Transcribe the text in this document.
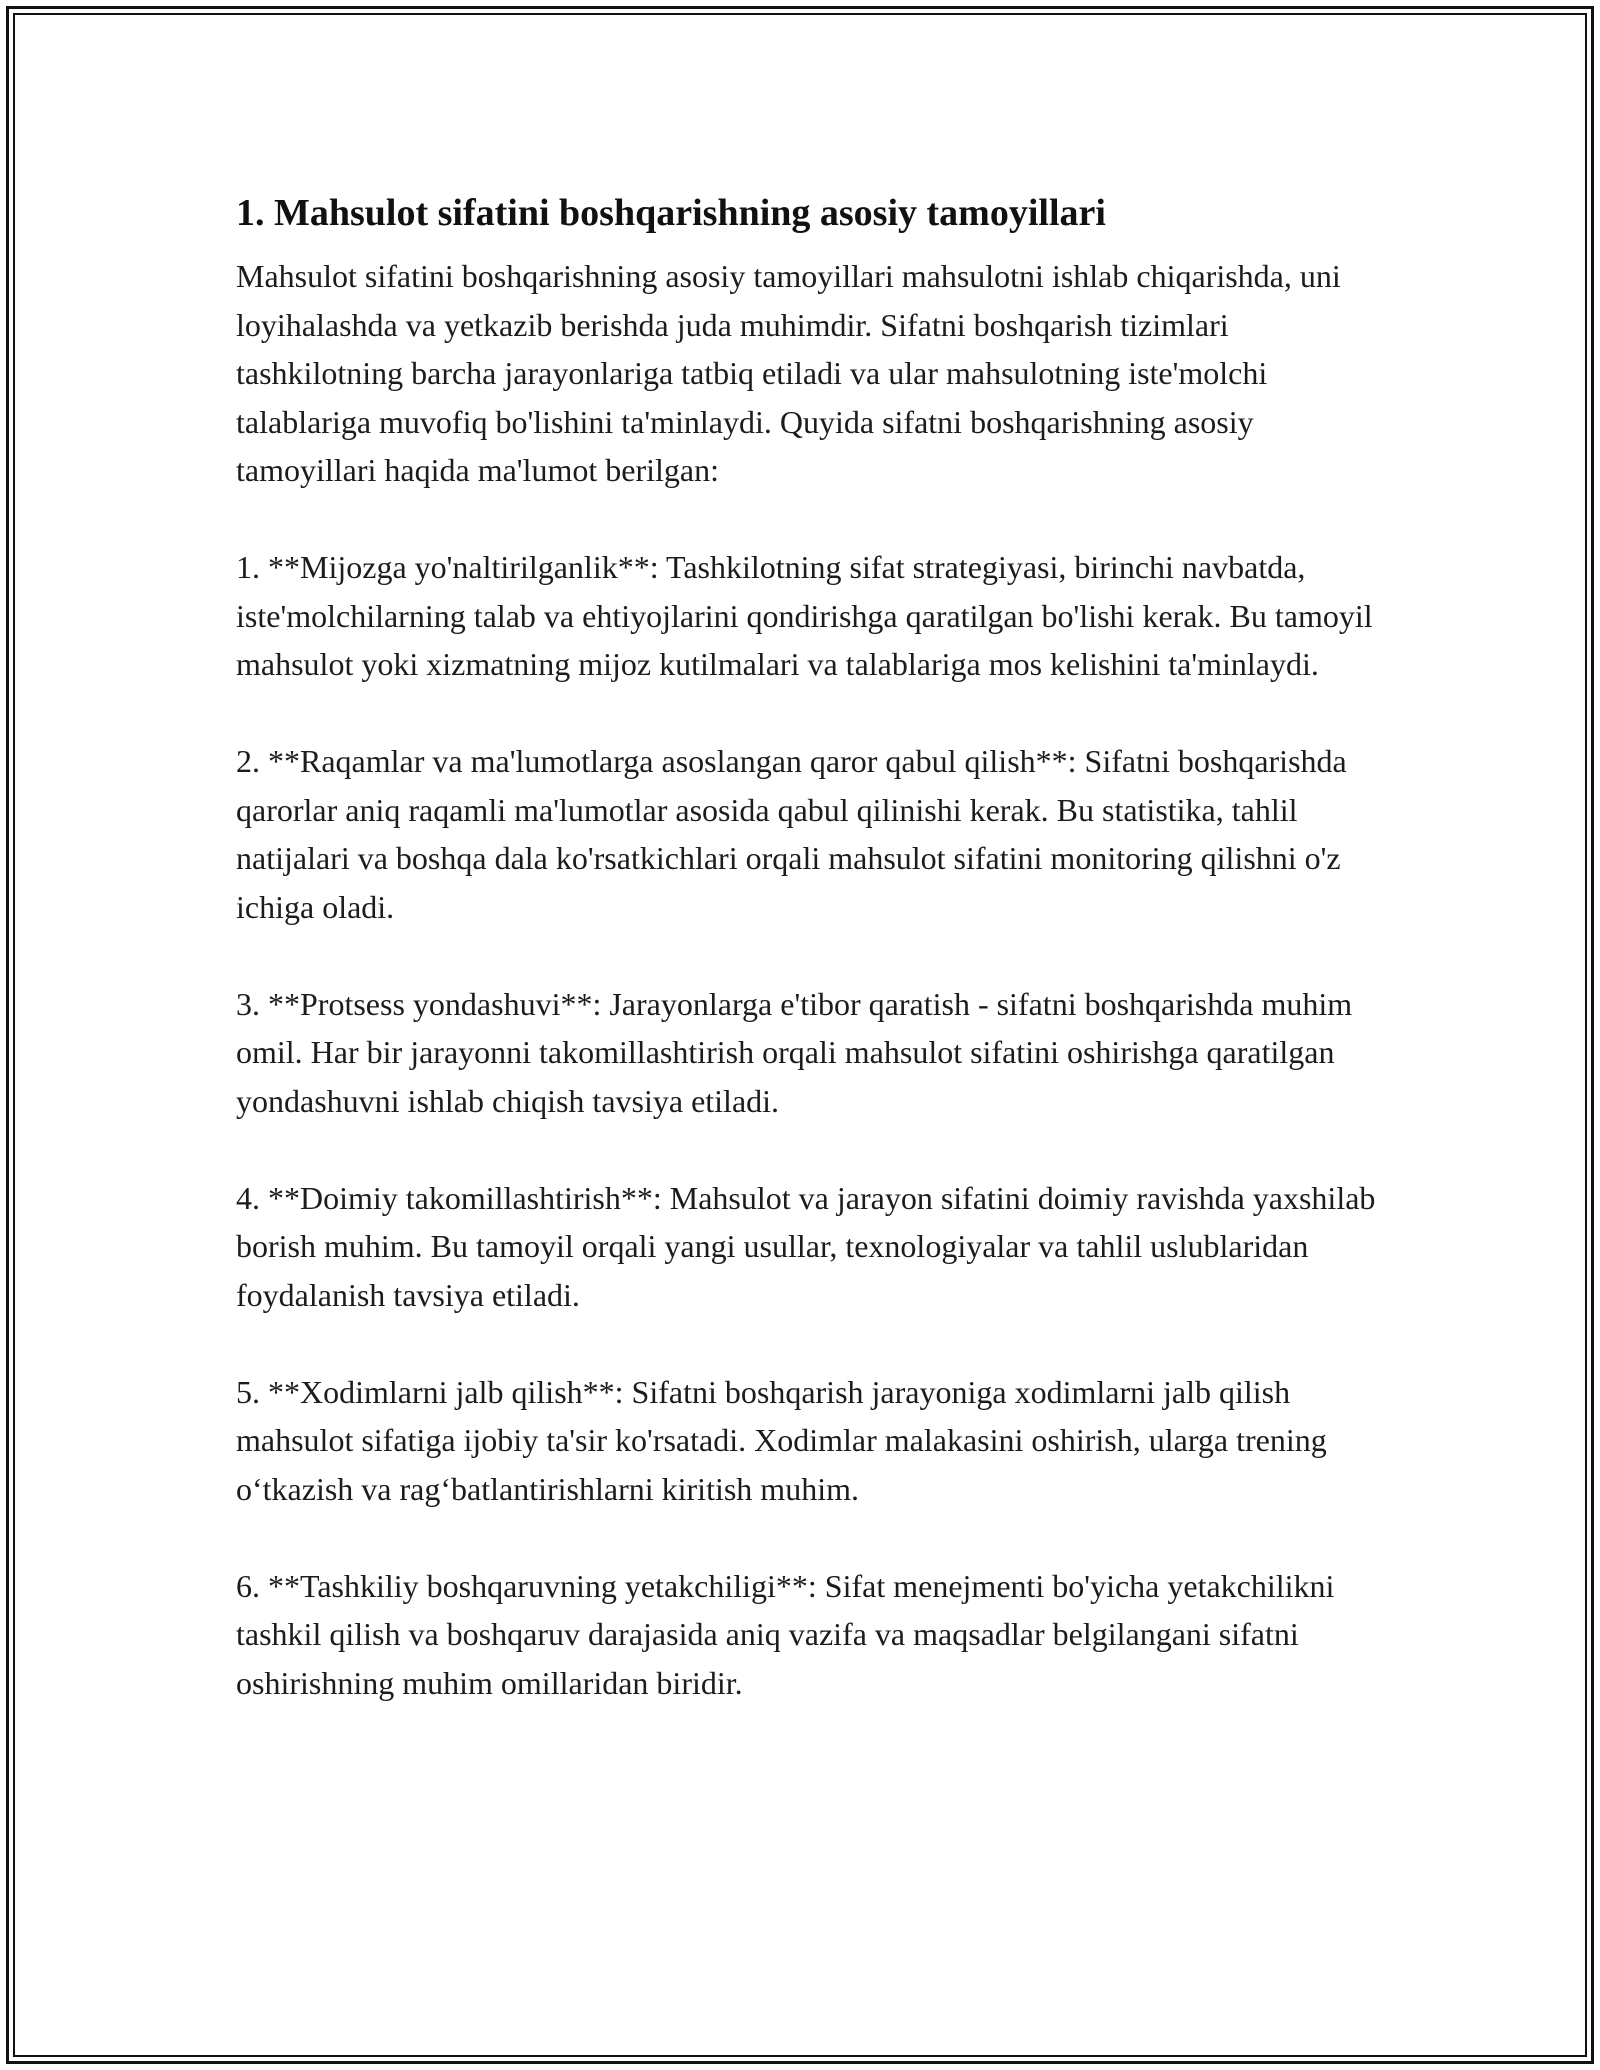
1. Mahsulot sifatini boshqarishning asosiy tamoyillari

Mahsulot sifatini boshqarishning asosiy tamoyillari mahsulotni ishlab chiqarishda, uni loyihalashda va yetkazib berishda juda muhimdir. Sifatni boshqarish tizimlari tashkilotning barcha jarayonlariga tatbiq etiladi va ular mahsulotning iste'molchi talablariga muvofiq bo'lishini ta'minlaydi. Quyida sifatni boshqarishning asosiy tamoyillari haqida ma'lumot berilgan:

1. **Mijozga yo'naltirilganlik**: Tashkilotning sifat strategiyasi, birinchi navbatda, iste'molchilarning talab va ehtiyojlarini qondirishga qaratilgan bo'lishi kerak. Bu tamoyil mahsulot yoki xizmatning mijoz kutilmalari va talablariga mos kelishini ta'minlaydi.

2. **Raqamlar va ma'lumotlarga asoslangan qaror qabul qilish**: Sifatni boshqarishda qarorlar aniq raqamli ma'lumotlar asosida qabul qilinishi kerak. Bu statistika, tahlil natijalari va boshqa dala ko'rsatkichlari orqali mahsulot sifatini monitoring qilishni o'z ichiga oladi.

3. **Protsess yondashuvi**: Jarayonlarga e'tibor qaratish - sifatni boshqarishda muhim omil. Har bir jarayonni takomillashtirish orqali mahsulot sifatini oshirishga qaratilgan yondashuvni ishlab chiqish tavsiya etiladi.

4. **Doimiy takomillashtirish**: Mahsulot va jarayon sifatini doimiy ravishda yaxshilab borish muhim. Bu tamoyil orqali yangi usullar, texnologiyalar va tahlil uslublaridan foydalanish tavsiya etiladi.

5. **Xodimlarni jalb qilish**: Sifatni boshqarish jarayoniga xodimlarni jalb qilish mahsulot sifatiga ijobiy ta'sir ko'rsatadi. Xodimlar malakasini oshirish, ularga trening o‘tkazish va rag‘batlantirishlarni kiritish muhim.

6. **Tashkiliy boshqaruvning yetakchiligi**: Sifat menejmenti bo'yicha yetakchilikni tashkil qilish va boshqaruv darajasida aniq vazifa va maqsadlar belgilangani sifatni oshirishning muhim omillaridan biridir.
